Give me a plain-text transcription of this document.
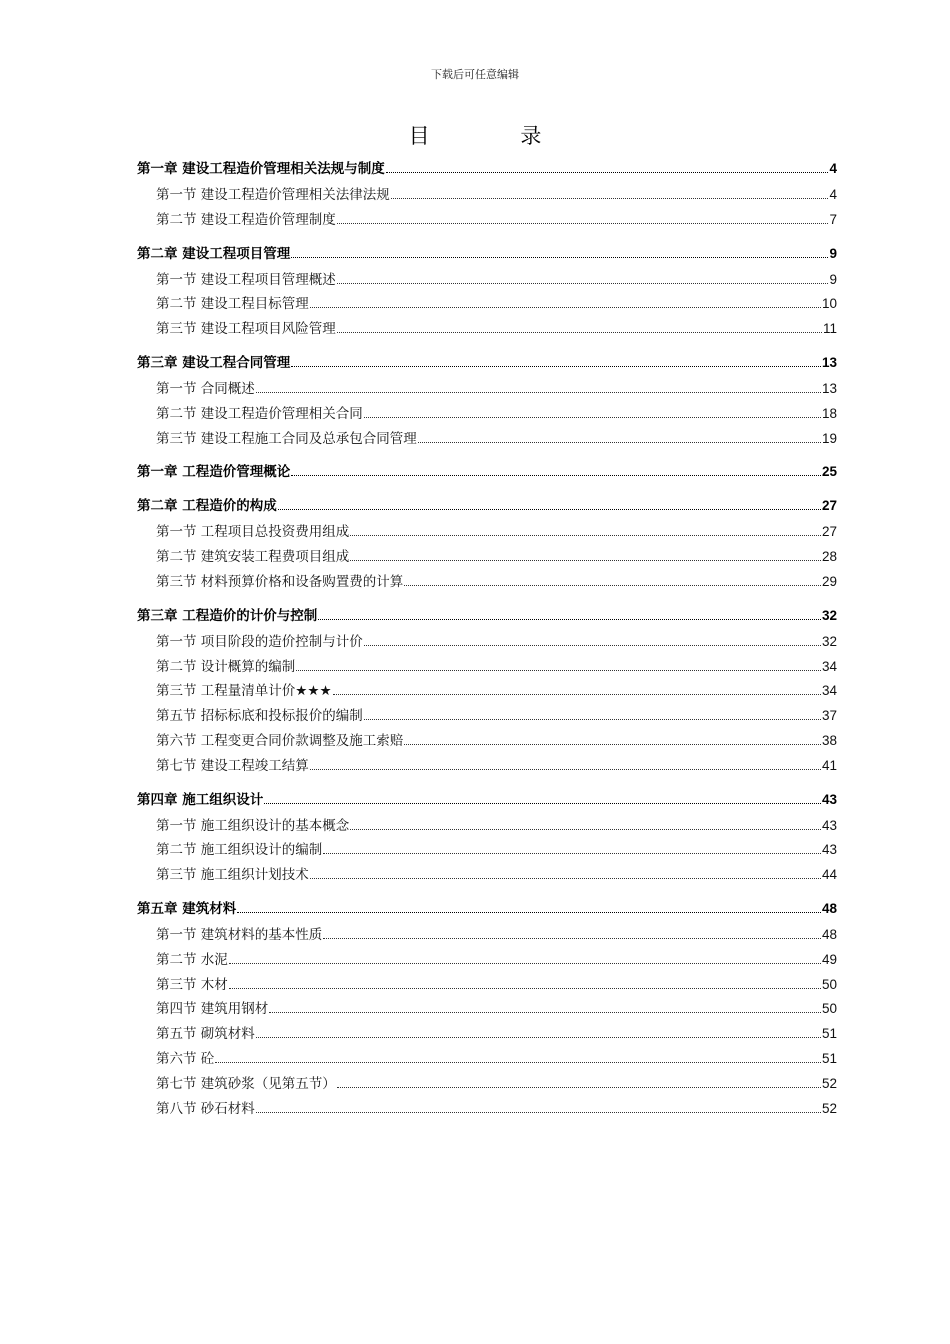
下载后可任意编辑
目 录
第一章 建设工程造价管理相关法规与制度	4
第一节 建设工程造价管理相关法律法规	4
第二节 建设工程造价管理制度	7
第二章 建设工程项目管理	9
第一节 建设工程项目管理概述	9
第二节 建设工程目标管理	10
第三节 建设工程项目风险管理	11
第三章 建设工程合同管理	13
第一节 合同概述	13
第二节 建设工程造价管理相关合同	18
第三节 建设工程施工合同及总承包合同管理	19
第一章 工程造价管理概论	25
第二章 工程造价的构成	27
第一节 工程项目总投资费用组成	27
第二节 建筑安装工程费项目组成	28
第三节 材料预算价格和设备购置费的计算	29
第三章 工程造价的计价与控制	32
第一节 项目阶段的造价控制与计价	32
第二节 设计概算的编制	34
第三节 工程量清单计价★★★	34
第五节 招标标底和投标报价的编制	37
第六节 工程变更合同价款调整及施工索赔	38
第七节 建设工程竣工结算	41
第四章 施工组织设计	43
第一节 施工组织设计的基本概念	43
第二节 施工组织设计的编制	43
第三节 施工组织计划技术	44
第五章 建筑材料	48
第一节 建筑材料的基本性质	48
第二节 水泥	49
第三节 木材	50
第四节 建筑用钢材	50
第五节 砌筑材料	51
第六节 砼	51
第七节 建筑砂浆（见第五节）	52
第八节 砂石材料	52
